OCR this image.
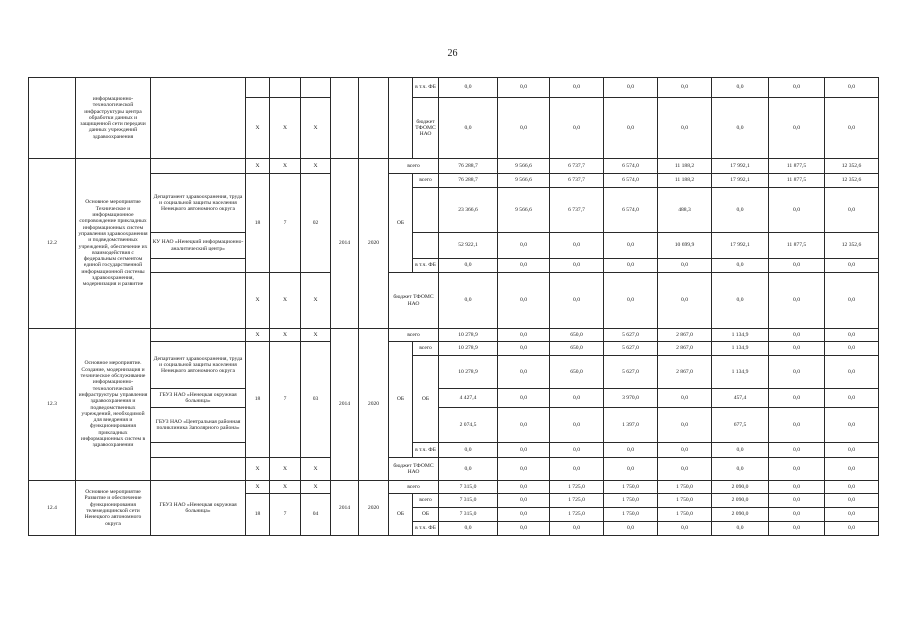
26
	информационно-технологической инфраструктуры центра обработки данных и защищенной сети передачи данных учреждений здравоохранения								в т.ч. ФБ	0,0	0,0	0,0	0,0	0,0	0,0	0,0	0,0
			X	X	X				бюджет ТФОМС НАО	0,0	0,0	0,0	0,0	0,0	0,0	0,0	0,0
12.2	Основное мероприятие Техническое и информационное сопровождение прикладных информационных систем управления здравоохранения и подведомственных учреждений, обеспечение их взаимодействия с федеральным сегментом единой государственной информационной системы здравоохранения, модернизация и развитие		X	X	X	2014	2020	всего		76 288,7	9 566,6	6 737,7	6 574,0	11 188,2	17 992,1	11 877,5	12 352,6
		Департамент здравоохранения, труда и социальной защиты населения Ненецкого автономного округа	18	7	02			ОБ	всего	76 288,7	9 566,6	6 737,7	6 574,0	11 188,2	17 992,1	11 877,5	12 352,6
										23 366,6	9 566,6	6 737,7	6 574,0	488,3	0,0	0,0	0,0
		КУ НАО «Ненецкий информационно-аналитический центр»								52 922,1	0,0	0,0	0,0	10 699,9	17 992,1	11 877,5	12 352,6
									в т.ч. ФБ	0,0	0,0	0,0	0,0	0,0	0,0	0,0	0,0
			X	X	X			бюджет ТФОМС НАО		0,0	0,0	0,0	0,0	0,0	0,0	0,0	0,0
12.3	Основное мероприятие. Создание, модернизация и техническое обслуживание информационно-технологической инфраструктуры управления здравоохранения и подведомственных учреждений, необходимой для внедрения и функционирования прикладных информационных систем в здравоохранении		X	X	X	2014	2020	всего		10 278,9	0,0	650,0	5 627,0	2 867,0	1 134,9	0,0	0,0
		Департамент здравоохранения, труда и социальной защиты населения Ненецкого автономного округа	18	7	03			ОБ	всего	10 278,9	0,0	650,0	5 627,0	2 867,0	1 134,9	0,0	0,0
									ОБ	10 278,9	0,0	650,0	5 627,0	2 867,0	1 134,9	0,0	0,0
		ГБУЗ НАО «Ненецкая окружная больница»								4 427,4	0,0	0,0	3 970,0	0,0	457,4	0,0	0,0
		ГБУЗ НАО «Центральная районная поликлиника Заполярного района»								2 074,5	0,0	0,0	1 397,0	0,0	677,5	0,0	0,0
									в т.ч. ФБ	0,0	0,0	0,0	0,0	0,0	0,0	0,0	0,0
			X	X	X			бюджет ТФОМС НАО		0,0	0,0	0,0	0,0	0,0	0,0	0,0	0,0
12.4	Основное мероприятие Развитие и обеспечение функционирования телемедицинской сети Ненецкого автономного округа	ГБУЗ НАО «Ненецкая окружная больница»	X	X	X	2014	2020	всего		7 315,0	0,0	1 725,0	1 750,0	1 750,0	2 090,0	0,0	0,0
			18	7	04			ОБ	всего	7 315,0	0,0	1 725,0	1 750,0	1 750,0	2 090,0	0,0	0,0
									ОБ	7 315,0	0,0	1 725,0	1 750,0	1 750,0	2 090,0	0,0	0,0
									в т.ч. ФБ	0,0	0,0	0,0	0,0	0,0	0,0	0,0	0,0
